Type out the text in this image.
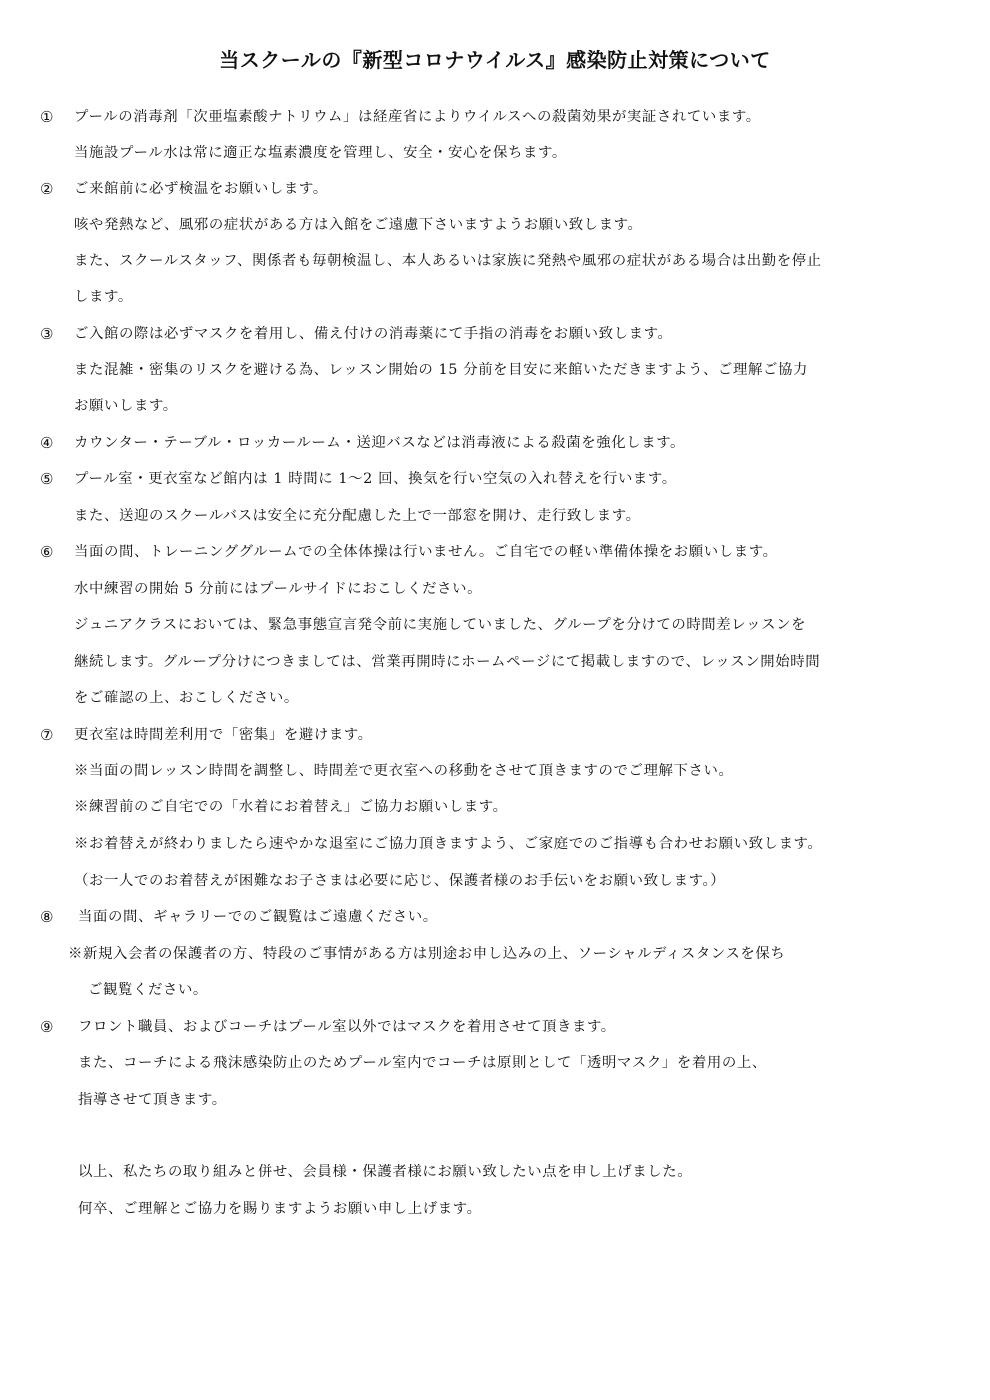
当スクールの『新型コロナウイルス』感染防止対策について
① プールの消毒剤「次亜塩素酸ナトリウム」は経産省によりウイルスへの殺菌効果が実証されています。
当施設プール水は常に適正な塩素濃度を管理し、安全・安心を保ちます。
② ご来館前に必ず検温をお願いします。
咳や発熱など、風邪の症状がある方は入館をご遠慮下さいますようお願い致します。
また、スクールスタッフ、関係者も毎朝検温し、本人あるいは家族に発熱や風邪の症状がある場合は出勤を停止
します。
③ ご入館の際は必ずマスクを着用し、備え付けの消毒薬にて手指の消毒をお願い致します。
また混雑・密集のリスクを避ける為、レッスン開始の 15 分前を目安に来館いただきますよう、ご理解ご協力
お願いします。
④ カウンター・テーブル・ロッカールーム・送迎バスなどは消毒液による殺菌を強化します。
⑤ プール室・更衣室など館内は 1 時間に 1～2 回、換気を行い空気の入れ替えを行います。
また、送迎のスクールバスは安全に充分配慮した上で一部窓を開け、走行致します。
⑥ 当面の間、トレーニンググルームでの全体体操は行いません。ご自宅での軽い準備体操をお願いします。
水中練習の開始 5 分前にはプールサイドにおこしください。
ジュニアクラスにおいては、緊急事態宣言発令前に実施していました、グループを分けての時間差レッスンを
継続します。グループ分けにつきましては、営業再開時にホームページにて掲載しますので、レッスン開始時間
をご確認の上、おこしください。
⑦ 更衣室は時間差利用で「密集」を避けます。
※当面の間レッスン時間を調整し、時間差で更衣室への移動をさせて頂きますのでご理解下さい。
※練習前のご自宅での「水着にお着替え」ご協力お願いします。
※お着替えが終わりましたら速やかな退室にご協力頂きますよう、ご家庭でのご指導も合わせお願い致します。
（お一人でのお着替えが困難なお子さまは必要に応じ、保護者様のお手伝いをお願い致します。）
⑧ 当面の間、ギャラリーでのご観覧はご遠慮ください。
※新規入会者の保護者の方、特段のご事情がある方は別途お申し込みの上、ソーシャルディスタンスを保ち
ご観覧ください。
⑨ フロント職員、およびコーチはプール室以外ではマスクを着用させて頂きます。
また、コーチによる飛沫感染防止のためプール室内でコーチは原則として「透明マスク」を着用の上、
指導させて頂きます。
以上、私たちの取り組みと併せ、会員様・保護者様にお願い致したい点を申し上げました。
何卒、ご理解とご協力を賜りますようお願い申し上げます。
